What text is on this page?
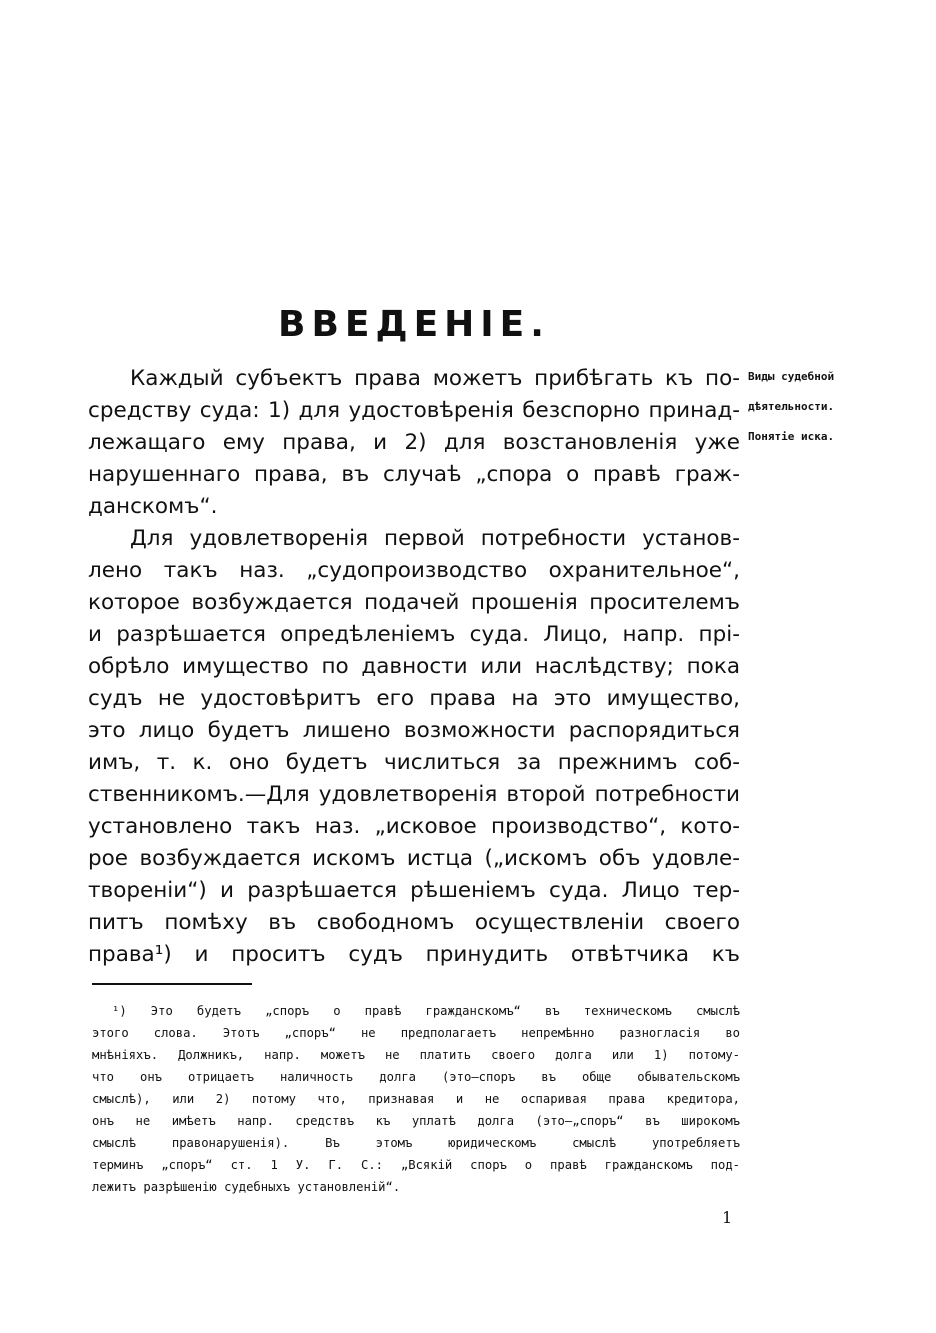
ВВЕДЕНІЕ.
Виды судебной
дѣятельности.
Понятіе иска.
Каждый субъектъ права можетъ прибѣгать къ по-
средству суда: 1) для удостовѣренія безспорно принад-
лежащаго ему права, и 2) для возстановленія уже
нарушеннаго права, въ случаѣ „спора о правѣ граж-
данскомъ“.
Для удовлетворенія первой потребности установ-
лено такъ наз. „судопроизводство охранительное“,
которое возбуждается подачей прошенія просителемъ
и разрѣшается опредѣленіемъ суда. Лицо, напр. прі-
обрѣло имущество по давности или наслѣдству; пока
судъ не удостовѣритъ его права на это имущество,
это лицо будетъ лишено возможности распорядиться
имъ, т. к. оно будетъ числиться за прежнимъ соб-
ственникомъ.—Для удовлетворенія второй потребности
установлено такъ наз. „исковое производство“, кото-
рое возбуждается искомъ истца („искомъ объ удовле-
твореніи“) и разрѣшается рѣшеніемъ суда. Лицо тер-
питъ помѣху въ свободномъ осуществленіи своего
права¹) и проситъ судъ принудить отвѣтчика къ
¹) Это будетъ „споръ о правѣ гражданскомъ“ въ техническомъ смыслѣ
этого слова. Этотъ „споръ“ не предполагаетъ непремѣнно разногласія во
мнѣніяхъ. Должникъ, напр. можетъ не платить своего долга или 1) потому-
что онъ отрицаетъ наличность долга (это—споръ въ обще обывательскомъ
смыслѣ), или 2) потому что, признавая и не оспаривая права кредитора,
онъ не имѣетъ напр. средствъ къ уплатѣ долга (это—„споръ“ въ широкомъ
смыслѣ правонарушенія). Въ этомъ юридическомъ смыслѣ употребляетъ
терминъ „споръ“ ст. 1 У. Г. С.: „Всякій споръ о правѣ гражданскомъ под-
лежитъ разрѣшенію судебныхъ установленій“.
1
